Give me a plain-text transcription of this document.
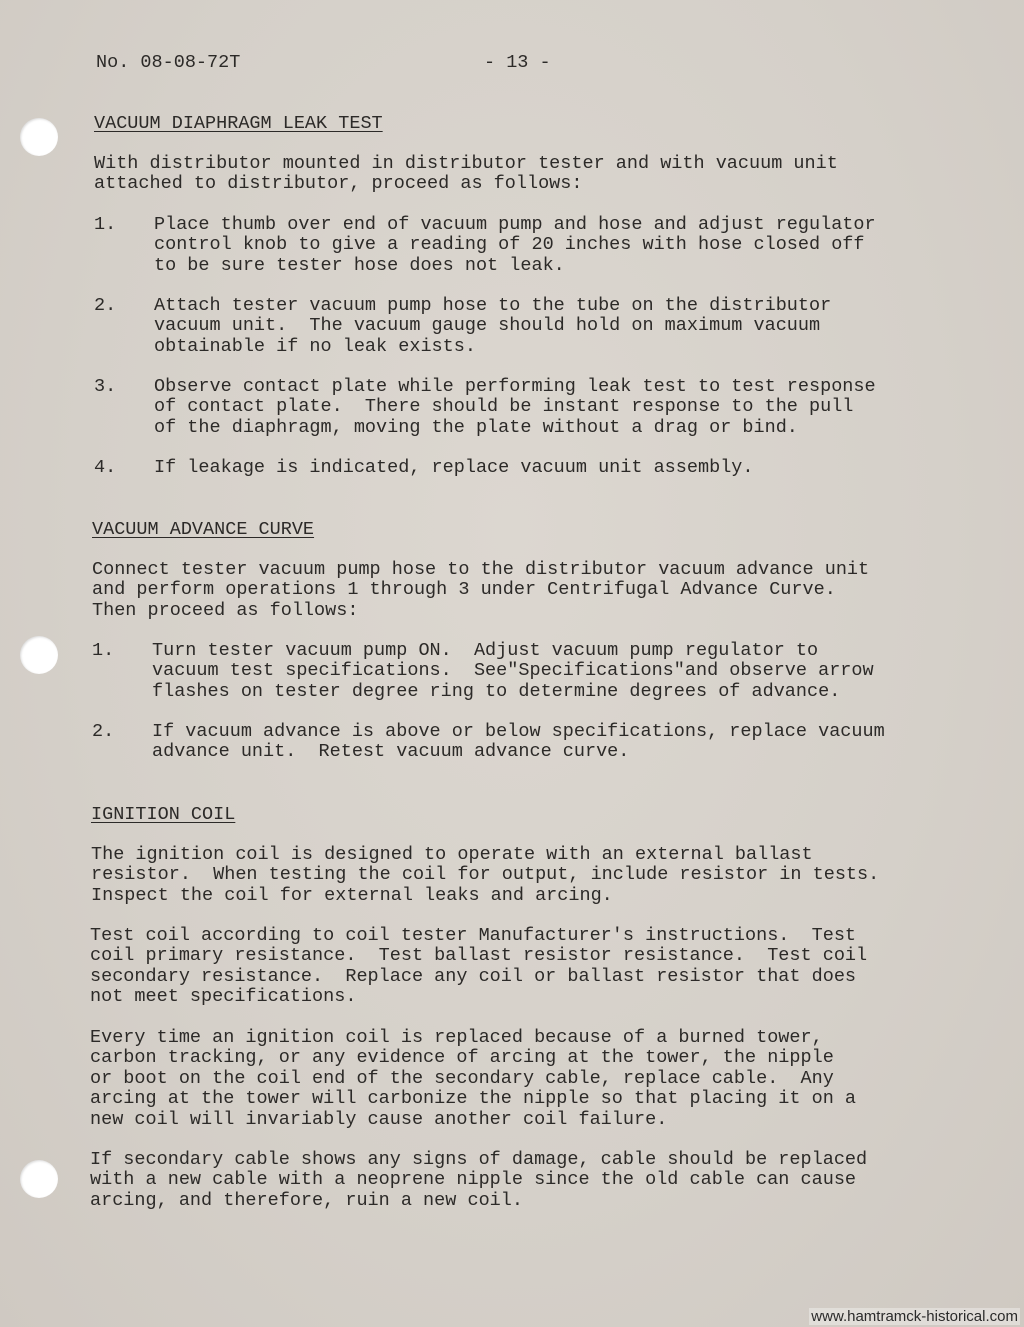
No. 08-08-72T	- 13 -
VACUUM DIAPHRAGM LEAK TEST
With distributor mounted in distributor tester and with vacuum unit
attached to distributor, proceed as follows:
1. Place thumb over end of vacuum pump and hose and adjust regulator
control knob to give a reading of 20 inches with hose closed off
to be sure tester hose does not leak.
2. Attach tester vacuum pump hose to the tube on the distributor
vacuum unit.  The vacuum gauge should hold on maximum vacuum
obtainable if no leak exists.
3. Observe contact plate while performing leak test to test response
of contact plate.  There should be instant response to the pull
of the diaphragm, moving the plate without a drag or bind.
4. If leakage is indicated, replace vacuum unit assembly.
VACUUM ADVANCE CURVE
Connect tester vacuum pump hose to the distributor vacuum advance unit
and perform operations 1 through 3 under Centrifugal Advance Curve.
Then proceed as follows:
1. Turn tester vacuum pump ON.  Adjust vacuum pump regulator to
vacuum test specifications.  See"Specifications"and observe arrow
flashes on tester degree ring to determine degrees of advance.
2. If vacuum advance is above or below specifications, replace vacuum
advance unit.  Retest vacuum advance curve.
IGNITION COIL
The ignition coil is designed to operate with an external ballast
resistor.  When testing the coil for output, include resistor in tests.
Inspect the coil for external leaks and arcing.
Test coil according to coil tester Manufacturer's instructions.  Test
coil primary resistance.  Test ballast resistor resistance.  Test coil
secondary resistance.  Replace any coil or ballast resistor that does
not meet specifications.
Every time an ignition coil is replaced because of a burned tower,
carbon tracking, or any evidence of arcing at the tower, the nipple
or boot on the coil end of the secondary cable, replace cable.  Any
arcing at the tower will carbonize the nipple so that placing it on a
new coil will invariably cause another coil failure.
If secondary cable shows any signs of damage, cable should be replaced
with a new cable with a neoprene nipple since the old cable can cause
arcing, and therefore, ruin a new coil.
www.hamtramck-historical.com
